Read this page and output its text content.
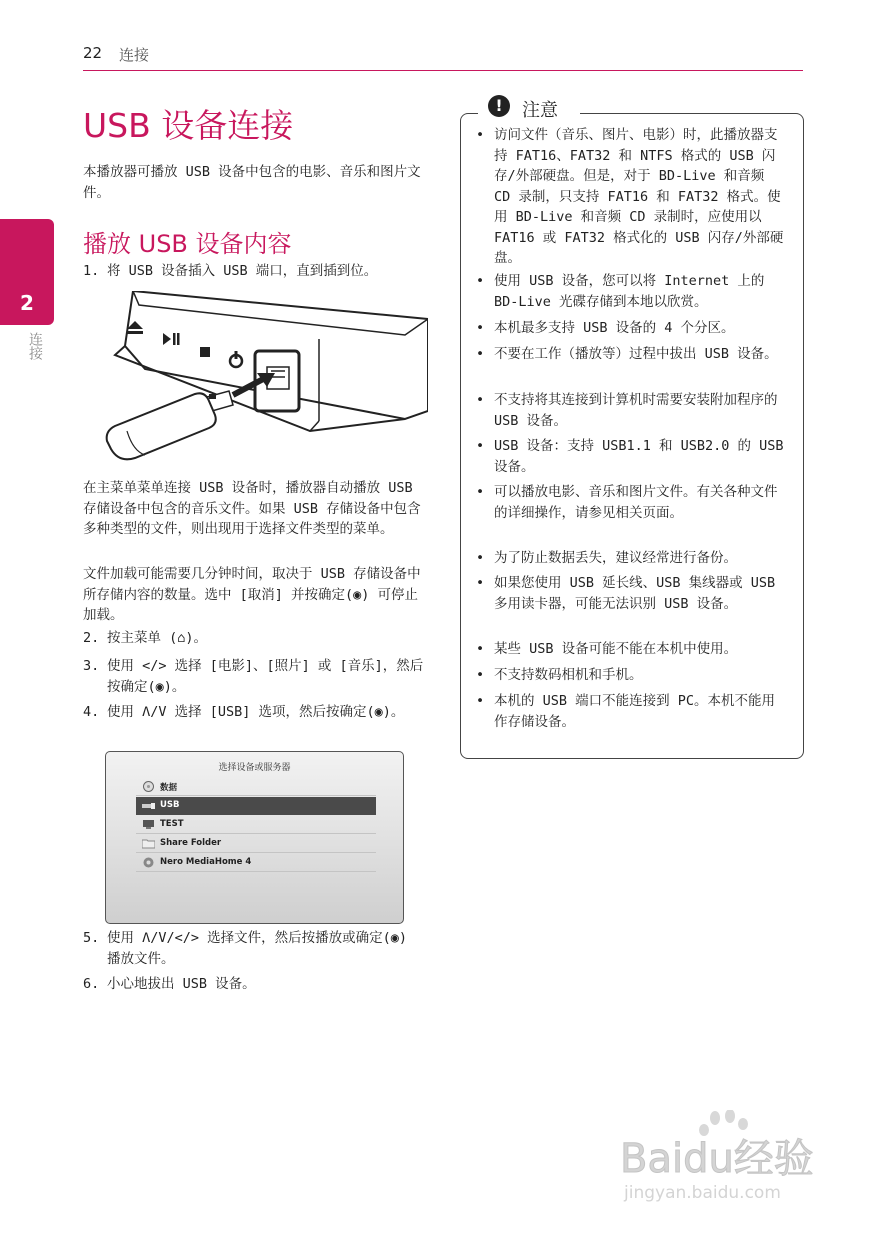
22 连接
2
连接
USB 设备连接

本播放器可播放 USB 设备中包含的电影、音乐和图片文件。

播放 USB 设备内容
1. 将 USB 设备插入 USB 端口，直到插到位。

在主菜单菜单连接 USB 设备时，播放器自动播放 USB 存储设备中包含的音乐文件。如果 USB 存储设备中包含多种类型的文件，则出现用于选择文件类型的菜单。

文件加载可能需要几分钟时间，取决于 USB 存储设备中所存储内容的数量。选中 [取消] 并按确定(◉) 可停止加载。

2. 按主菜单 (⌂)。
3. 使用 </> 选择 [电影]、[照片] 或 [音乐]，然后按确定(◉)。
4. 使用 Λ/V 选择 [USB] 选项，然后按确定(◉)。
选择设备或服务器
数据
USB
TEST
Share Folder
Nero MediaHome 4
5. 使用 Λ/V/</> 选择文件，然后按播放或确定(◉) 播放文件。
6. 小心地拔出 USB 设备。
!	注意
• 访问文件（音乐、图片、电影）时，此播放器支持 FAT16、FAT32 和 NTFS 格式的 USB 闪存/外部硬盘。但是，对于 BD-Live 和音频 CD 录制，只支持 FAT16 和 FAT32 格式。使用 BD-Live 和音频 CD 录制时，应使用以 FAT16 或 FAT32 格式化的 USB 闪存/外部硬盘。
• 使用 USB 设备，您可以将 Internet 上的 BD-Live 光碟存储到本地以欣赏。
• 本机最多支持 USB 设备的 4 个分区。
• 不要在工作（播放等）过程中拔出 USB 设备。
• 不支持将其连接到计算机时需要安装附加程序的 USB 设备。
• USB 设备：支持 USB1.1 和 USB2.0 的 USB 设备。
• 可以播放电影、音乐和图片文件。有关各种文件的详细操作，请参见相关页面。
• 为了防止数据丢失，建议经常进行备份。
• 如果您使用 USB 延长线、USB 集线器或 USB 多用读卡器，可能无法识别 USB 设备。
• 某些 USB 设备可能不能在本机中使用。
• 不支持数码相机和手机。
• 本机的 USB 端口不能连接到 PC。本机不能用作存储设备。
Baidu经验
jingyan.baidu.com
